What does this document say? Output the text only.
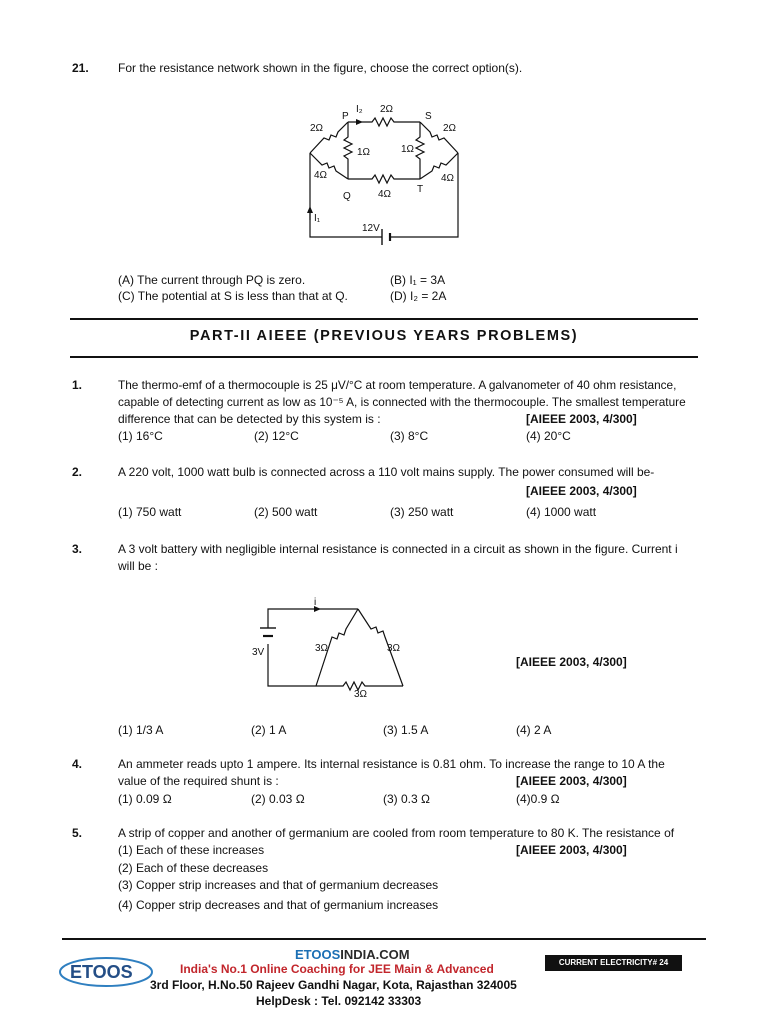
21. For the resistance network shown in the figure, choose the correct option(s).
P	S
Q
T
I₂
I₁
2Ω
2Ω	2Ω
1Ω	1Ω
4Ω	4Ω
4Ω
12V
(A) The current through PQ is zero.	(B) I₁ = 3A
(C) The potential at S is less than that at Q.	(D) I₂ = 2A
PART-II AIEEE (PREVIOUS YEARS PROBLEMS)
1.	The thermo-emf of a thermocouple is 25 μV/°C at room temperature. A galvanometer of 40 ohm resistance,
capable of detecting current as low as 10⁻⁵ A, is connected with the thermocouple. The smallest temperature
difference that can be detected by this system is :	[AIEEE 2003, 4/300]
(1) 16°C	(2) 12°C	(3) 8°C	(4) 20°C
2.	A 220 volt, 1000 watt bulb is connected across a 110 volt mains supply. The power consumed will be-
[AIEEE 2003, 4/300]
(1) 750 watt	(2) 500 watt	(3) 250 watt	(4) 1000 watt
3.	A 3 volt battery with negligible internal resistance is connected in a circuit as shown in the figure. Current i
will be :
i
3V	3Ω	3Ω
3Ω
[AIEEE 2003, 4/300]
(1) 1/3 A	(2) 1 A	(3) 1.5 A	(4) 2 A
4.	An ammeter reads upto 1 ampere. Its internal resistance is 0.81 ohm. To increase the range to 10 A the
value of the required shunt is :	[AIEEE 2003, 4/300]
(1) 0.09 Ω	(2) 0.03 Ω	(3) 0.3 Ω	(4)0.9 Ω
5.	A strip of copper and another of germanium are cooled from room temperature to 80 K. The resistance of
(1) Each of these increases	[AIEEE 2003, 4/300]
(2) Each of these decreases
(3) Copper strip increases and that of germanium decreases
(4) Copper strip decreases and that of germanium increases
ETOOS
ETOOSINDIA.COM
India's No.1 Online Coaching for JEE Main & Advanced
3rd Floor, H.No.50 Rajeev Gandhi Nagar, Kota, Rajasthan 324005
HelpDesk : Tel. 092142 33303
CURRENT ELECTRICITY# 24
